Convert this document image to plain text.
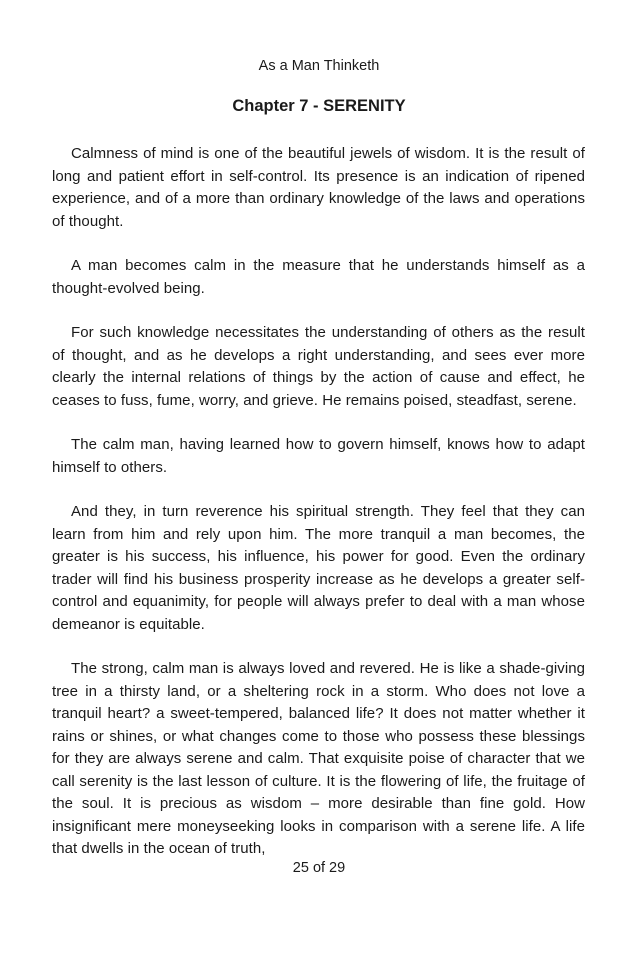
As a Man Thinketh
Chapter 7 - SERENITY

Calmness of mind is one of the beautiful jewels of wisdom. It is the result of long and patient effort in self-control. Its presence is an indication of ripened experience, and of a more than ordinary knowledge of the laws and operations of thought.

A man becomes calm in the measure that he understands himself as a thought-evolved being.

For such knowledge necessitates the understanding of others as the result of thought, and as he develops a right understanding, and sees ever more clearly the internal relations of things by the action of cause and effect, he ceases to fuss, fume, worry, and grieve. He remains poised, steadfast, serene.

The calm man, having learned how to govern himself, knows how to adapt himself to others.

And they, in turn reverence his spiritual strength. They feel that they can learn from him and rely upon him. The more tranquil a man becomes, the greater is his success, his influence, his power for good. Even the ordinary trader will find his business prosperity increase as he develops a greater self-control and equanimity, for people will always prefer to deal with a man whose demeanor is equitable.

The strong, calm man is always loved and revered. He is like a shade-giving tree in a thirsty land, or a sheltering rock in a storm. Who does not love a tranquil heart? a sweet-tempered, balanced life? It does not matter whether it rains or shines, or what changes come to those who possess these blessings for they are always serene and calm. That exquisite poise of character that we call serenity is the last lesson of culture. It is the flowering of life, the fruitage of the soul. It is precious as wisdom – more desirable than fine gold. How insignificant mere moneyseeking looks in comparison with a serene life. A life that dwells in the ocean of truth,

25 of 29
